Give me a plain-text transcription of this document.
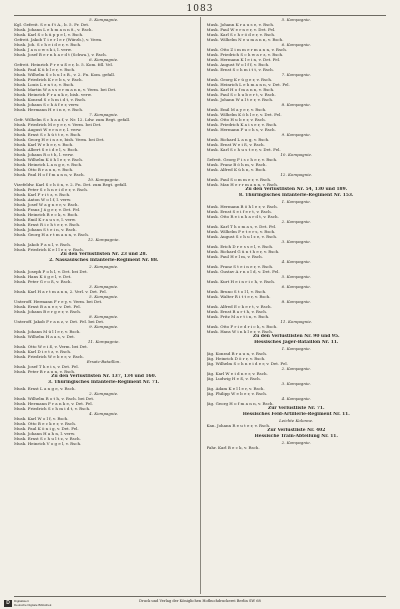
1083
5. Kompagnie.
Kgl. Gefreit. S e n f t A., b. 5. Pr. Det.
Musk. Johann L e h m a n n 8., v. Rsch.
Musk. Karl S c h ü p p e l, v. Rsch.
Gefreit. Jakob T i e r l e r (Würzb.), v. Verm.
Musk. Joh. S c h e i d e r, v. Rsch.
Musk. J a n o w s k i, l. verw.
Musk. Josef B e r n h a r d t (Schwa.), v. Rsch.
6. Kompagnie.
Gefreit. Heinrich P r e u ß e r, b. 5. Kom. fdl. Vel.
Musk. Paul K ü b l e r, v. Rsch.
Musk. Wilhelm S c h u l z B., v. 2. Fn. Kom. gefall.
Musk. Friedrich K r e b s, v. Rsch.
Musk. Louis L e n t z, v. Rsch.
Musk. Martin W a s s e r m a n n, v. Verm. bei Det.
Musk. Heinrich F r a n k e, bish. verw.
Musk. Konrad S c h m i d t, v. Rsch.
Musk. Johann S c h ä f e r, verw.
Musk. Hermann H e i n e, v. Rsch.
7. Kompagnie.
Gefr. Wilhelm S c h a a f, v. Nr. 12. Ldw. zum Regt. gefall.
Musk. Friedrich M e y e r, v. Verm. bei Det.
Musk. August W e r n e r, l. verw.
Musk. Ernst S c h ü t t e, v. Rsch.
Musk. Georg H e i n z e, bish. Verm. bei Det.
Musk. Karl W e b e r, v. Rsch.
Musk. Albert S e i d e l, v. Rsch.
Musk. Johann R o t h, l. verw.
Musk. Wilhelm K ö h l e r, v. Rsch.
Musk. Heinrich L a n g e, v. Rsch.
Musk. Otto B r a u n, v. Rsch.
Musk. Paul H o f f m a n n, v. Rsch.
10. Kompagnie.
Vizefeldw. Karl S c h ö n, v. 2. Fn. Det. zum Regt. gefall.
Musk. Peter S c h n e i d e r, v. Rsch.
Musk. Karl F r i t z, v. Rsch.
Musk. Anton W o l f, l. verw.
Musk. Josef W a g n e r, v. Rsch.
Musk. Franz J ä g e r, v. Det. Fel.
Musk. Heinrich B e c k, v. Rsch.
Musk. Emil K r a u s e, l. verw.
Musk. Ernst R i c h t e r, v. Rsch.
Musk. Johann S t e i n, v. Rsch.
Musk. Georg H a r t m a n n, v. Rsch.
12. Kompagnie.
Musk. Jakob P a u l, v. Rsch.
Musk. Friedrich K e l l e r, v. Rsch.
Zu den Verlustlisten Nr. 23 und 28.
2. Nassauisches Infanterie-Regiment Nr. 88.
2. Kompagnie.
Musk. Joseph P o h l, v. Det. bei Det.
Musk. Hans K ö g e l, v. Det.
Musk. Peter G r o ß, v. Rsch.
3. Kompagnie.
Musk. Karl H a r t m a n n, 2. Verl. v. Det. Fel.
5. Kompagnie.
Unteroff. Hermann F r e y, v. Verm. bei Det.
Musk. Ernst B a u e r, v. Det. Fel.
Musk. Johann B e r g e r, v. Rsch.
8. Kompagnie.
Unteroff. Jakob F r a n z, v. Det. Fel. bei Det.
9. Kompagnie.
Musk. Johann M ü l l e r, v. Rsch.
Musk. Wilhelm H a a s, v. Det.
11. Kompagnie.
Musk. Otto W e i ß, v. Verm. bei Det.
Musk. Karl D i e t z, v. Rsch.
Musk. Friedrich W e b e r, v. Rsch.
Ersatz-Bataillon.
Musk. Josef T h e i s, v. Det. Fel.
Musk. Peter B r a u n, v. Rsch.
Zu den Verlustlisten Nr. 137, 134 und 160.
3. Thüringisches Infanterie-Regiment Nr. 71.
Musk. Ernst L a n g e, v. Rsch.
2. Kompagnie.
Musk. Wilhelm R o t h, v. Rsch. bei Det.
Musk. Hermann F r a n k e, v. Det. Fel.
Musk. Friedrich S c h m i d t, v. Rsch.
4. Kompagnie.
Musk. Karl W o l f, v. Rsch.
Musk. Otto B e c k e r, v. Rsch.
Musk. Paul K ö n i g, v. Det. Fel.
Musk. Johann H a h n, l. verw.
Musk. Ernst S c h u l t z, v. Rsch.
Musk. Heinrich V o g e l, v. Rsch.
5. Kompagnie.
Musk. Johann K r a u s e, v. Rsch.
Musk. Paul W e r n e r, v. Det. Fel.
Musk. Karl S c h r ö d e r, v. Rsch.
Musk. Wilhelm N e u m a n n, v. Rsch.
6. Kompagnie.
Musk. Otto Z i m m e r m a n n, v. Rsch.
Musk. Friedrich S c h w a r z, v. Rsch.
Musk. Hermann K l e i n, v. Det. Fel.
Musk. August W o l f f, v. Rsch.
Musk. Ernst S c h m i t t, v. Rsch.
7. Kompagnie.
Musk. Georg K r ü g e r, v. Rsch.
Musk. Heinrich L e h m a n n, v. Det. Fel.
Musk. Karl H o f m a n n, v. Rsch.
Musk. Paul S c h u b e r t, v. Rsch.
Musk. Johann W a l t e r, v. Rsch.
8. Kompagnie.
Musk. Emil M a y e r, v. Rsch.
Musk. Wilhelm K ö h l e r, v. Det. Fel.
Musk. Otto H u b e r, v. Rsch.
Musk. Friedrich K a i s e r, v. Rsch.
Musk. Hermann F u c h s, v. Rsch.
9. Kompagnie.
Musk. Richard L a n g, v. Rsch.
Musk. Ernst W e i ß, v. Rsch.
Musk. Karl S c h u s t e r, v. Det. Fel.
10. Kompagnie.
Gefreit. Georg F i s c h e r, v. Rsch.
Musk. Franz B ö h m, v. Rsch.
Musk. Alfred K ü h n, v. Rsch.
12. Kompagnie.
Musk. Paul S o m m e r, v. Rsch.
Musk. Max H e r r m a n n, v. Rsch.
Zu den Verlustlisten Nr. 54, 130 und 189.
8. Thüringisches Infanterie-Regiment Nr. 153.
1. Kompagnie.
Musk. Hermann B ö h l e r, v. Rsch.
Musk. Ernst S e i f e r t, v. Rsch.
Musk. Otto R e i n h a r d t, v. Rsch.
2. Kompagnie.
Musk. Karl T h o m a s, v. Det. Fel.
Musk. Wilhelm P e t e r s, v. Rsch.
Musk. August S c h u l z e, v. Rsch.
3. Kompagnie.
Musk. Erich D r e s s e l, v. Rsch.
Musk. Richard G ü n t h e r, v. Rsch.
Musk. Paul H e l m, v. Rsch.
4. Kompagnie.
Musk. Franz S t e i n e r, v. Rsch.
Musk. Gustav A r n o l d, v. Det. Fel.
5. Kompagnie.
Musk. Kurt H e i n r i c h, v. Rsch.
6. Kompagnie.
Musk. Bruno S t o l l, v. Rsch.
Musk. Walter R i t t e r, v. Rsch.
8. Kompagnie.
Musk. Alfred E c k e r t, v. Rsch.
Musk. Ernst B a r t h, v. Rsch.
Musk. Fritz M a r t i n, v. Rsch.
11. Kompagnie.
Musk. Otto F r i e d r i c h, v. Rsch.
Musk. Hans W i n k l e r, v. Rsch.
Zu den Verlustlisten Nr. 90 und 95.
Hessisches Jäger-Bataillon Nr. 11.
1. Kompagnie.
Jäg. Konrad B r a u n, v. Rsch.
Jäg. Heinrich D ö r r, v. Rsch.
Jäg. Wilhelm S c h n e i d e r, v. Det. Fel.
2. Kompagnie.
Jäg. Karl W e i d n e r, v. Rsch.
Jäg. Ludwig H e ß, v. Rsch.
3. Kompagnie.
Jäg. Adam K e l l e r, v. Rsch.
Jäg. Philipp W e b e r, v. Rsch.
4. Kompagnie.
Jäg. Georg H o f m a n n, v. Rsch.
Zur Verlustliste Nr. 71.
Hessisches Feld-Artillerie-Regiment Nr. 11.
Leichte Kolonne.
Kan. Johann R e u t e r, v. Rsch.
Zur Verlustliste Nr. 402
Hessische Train-Abteilung Nr. 11.
2. Kompagnie.
Fahr. Karl B e c k, v. Rsch.
Druck und Verlag der Königlichen Hofbuchdruckerei Berlin SW 68
D	Digitalisiert
Deutsche Digitale Bibliothek
